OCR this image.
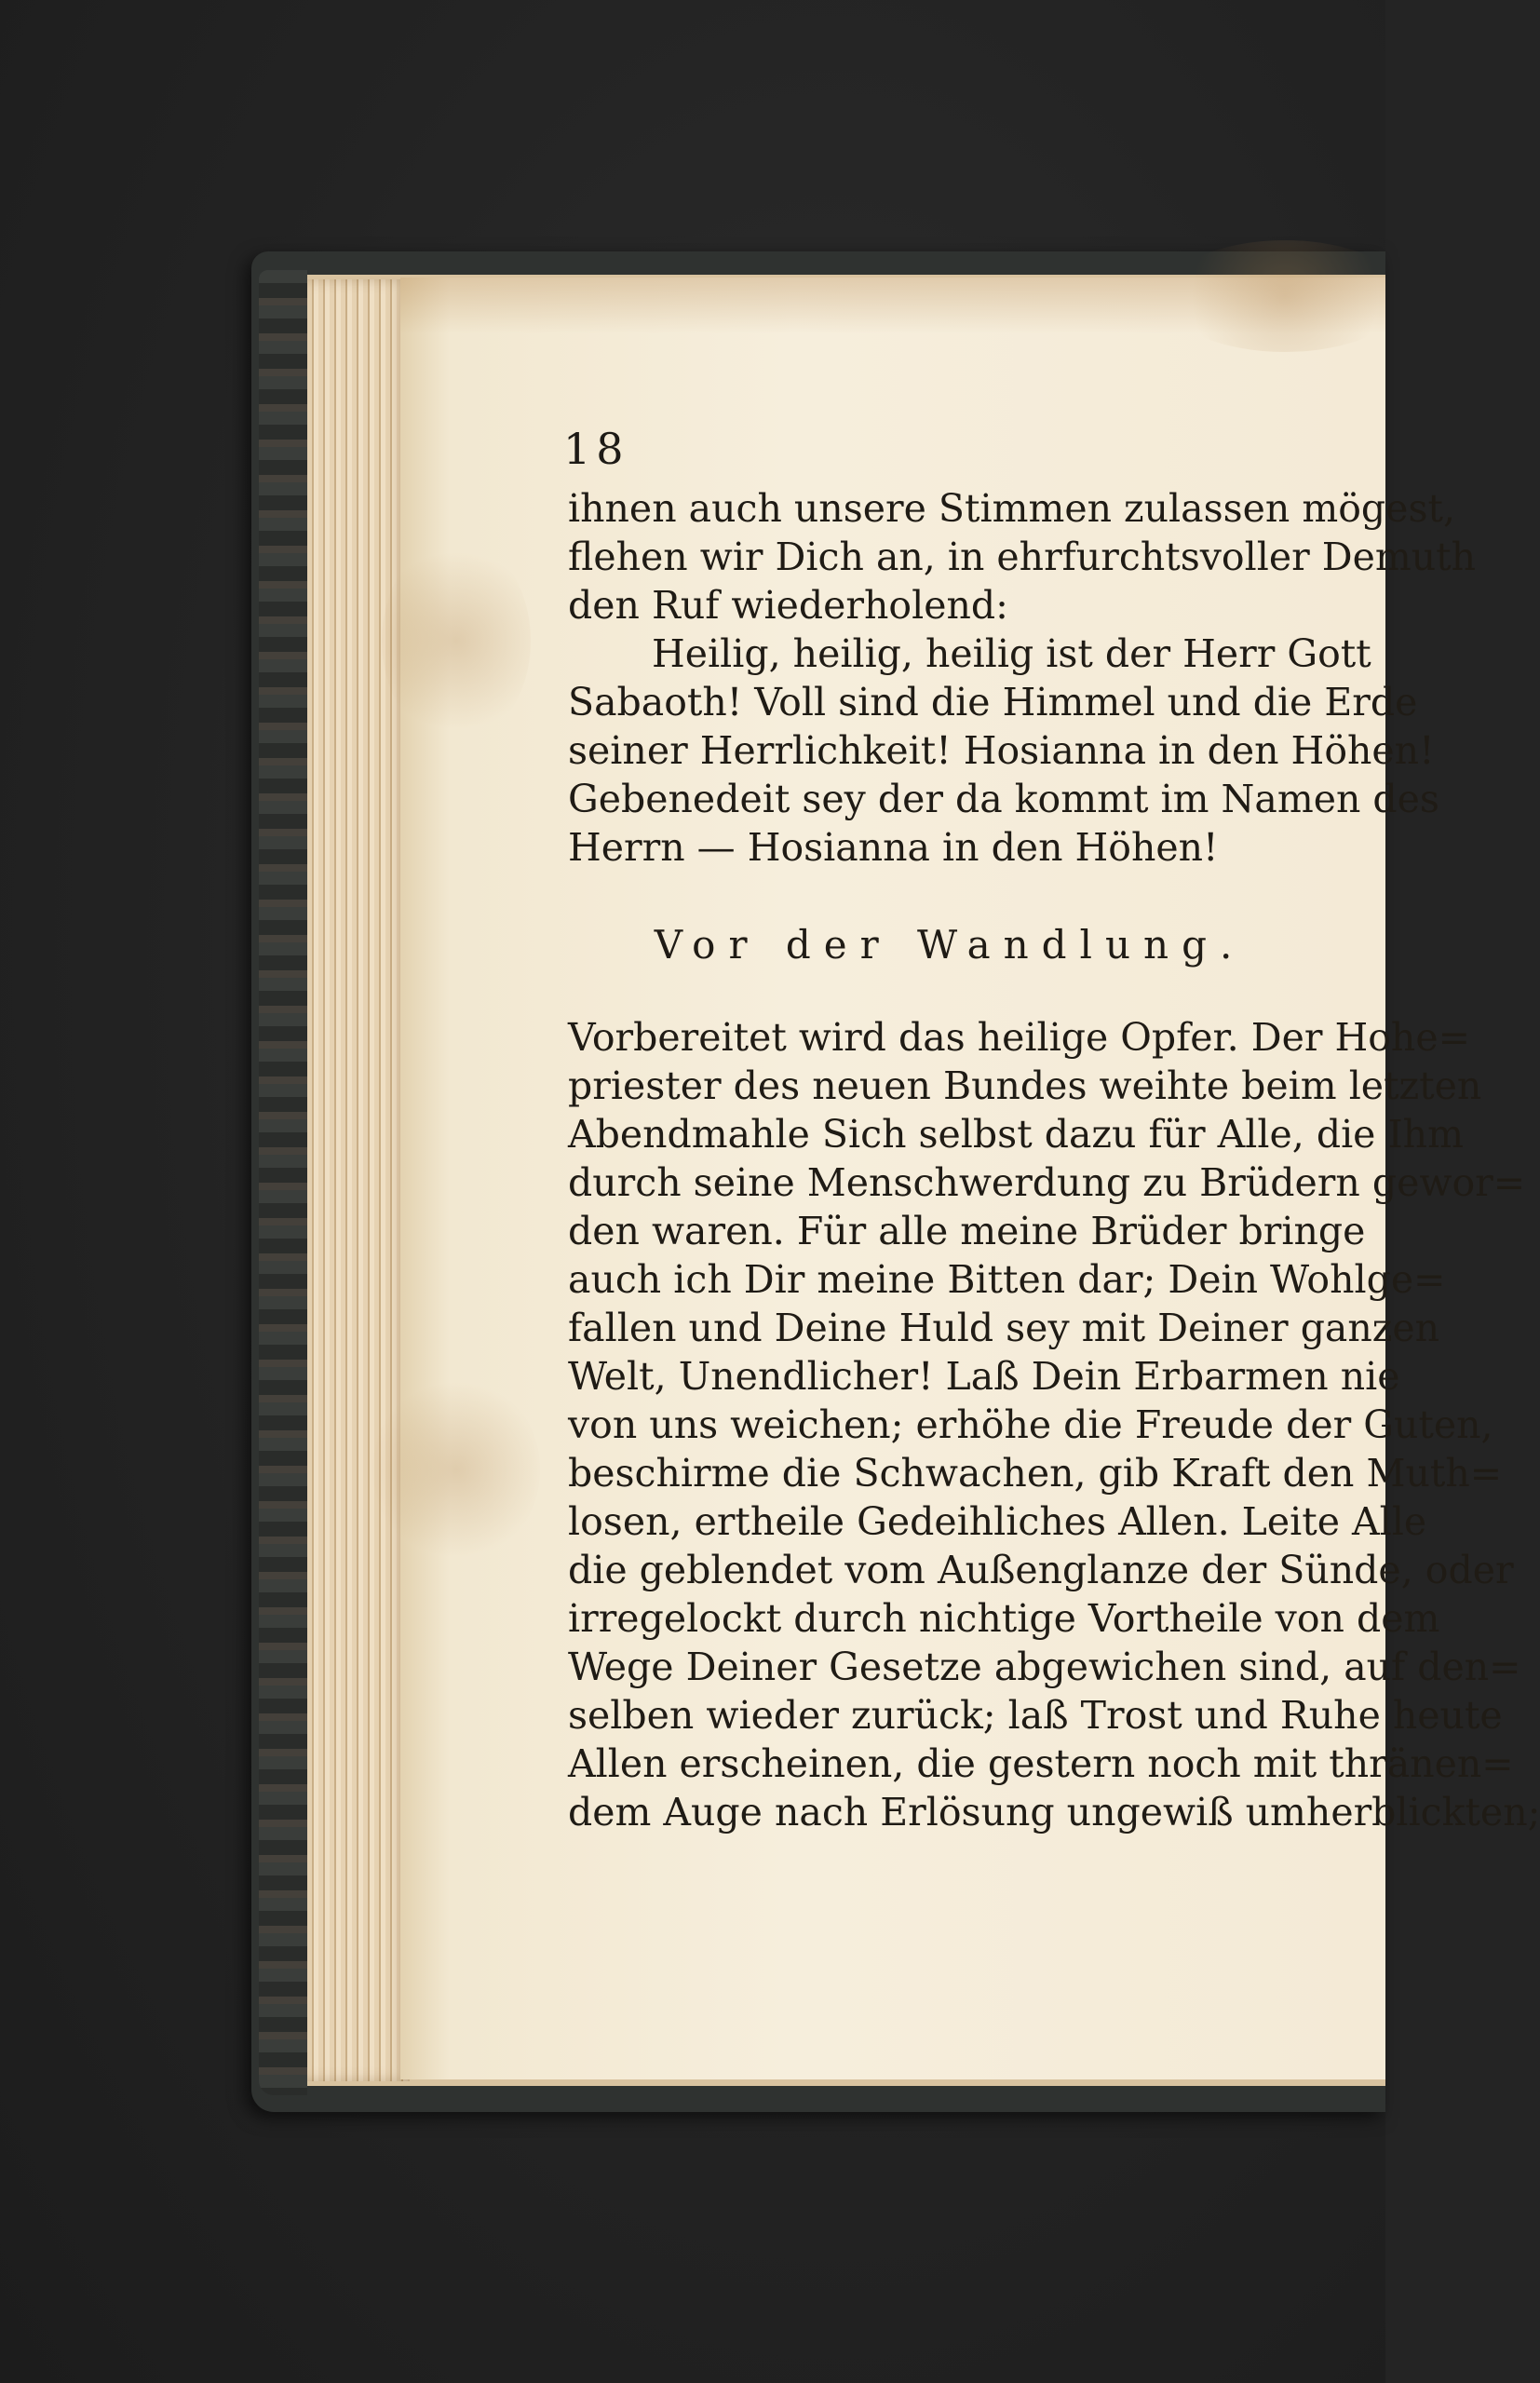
18
ihnen auch unsere Stimmen zulassen mögest,
flehen wir Dich an, in ehrfurchtsvoller Demuth
den Ruf wiederholend:
Heilig, heilig, heilig ist der Herr Gott
Sabaoth! Voll sind die Himmel und die Erde
seiner Herrlichkeit! Hosianna in den Höhen!
Gebenedeit sey der da kommt im Namen des
Herrn — Hosianna in den Höhen!
Vor der Wandlung.
Vorbereitet wird das heilige Opfer. Der Hohe=
priester des neuen Bundes weihte beim letzten
Abendmahle Sich selbst dazu für Alle, die Ihm
durch seine Menschwerdung zu Brüdern gewor=
den waren. Für alle meine Brüder bringe
auch ich Dir meine Bitten dar; Dein Wohlge=
fallen und Deine Huld sey mit Deiner ganzen
Welt, Unendlicher! Laß Dein Erbarmen nie
von uns weichen; erhöhe die Freude der Guten,
beschirme die Schwachen, gib Kraft den Muth=
losen, ertheile Gedeihliches Allen. Leite Alle
die geblendet vom Außenglanze der Sünde, oder
irregelockt durch nichtige Vortheile von dem
Wege Deiner Gesetze abgewichen sind, auf den=
selben wieder zurück; laß Trost und Ruhe heute
Allen erscheinen, die gestern noch mit thränen=
dem Auge nach Erlösung ungewiß umherblickten;
